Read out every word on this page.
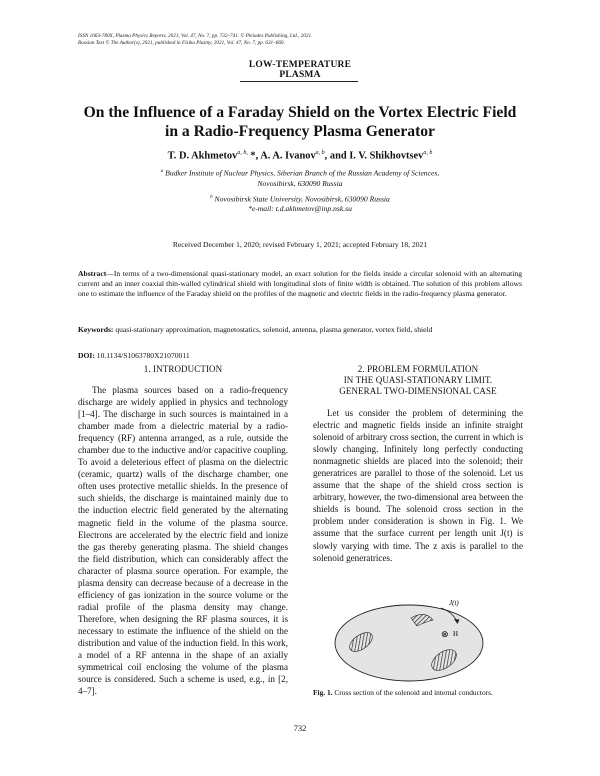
ISSN 1063-780X, Plasma Physics Reports, 2021, Vol. 47, No. 7, pp. 732–741. © Pleiades Publishing, Ltd., 2021.
Russian Text © The Author(s), 2021, published in Fizika Plazmy, 2021, Vol. 47, No. 7, pp. 631–660.
LOW-TEMPERATURE
PLASMA
On the Influence of a Faraday Shield on the Vortex Electric Field
in a Radio-Frequency Plasma Generator
T. D. Akhmetov$^{a, b,}$ *, A. A. Ivanov$^{a, b}$, and I. V. Shikhovtsev$^{a, b}$
$^a$ Budker Institute of Nuclear Physics, Siberian Branch of the Russian Academy of Sciences,
Novosibirsk, 630090 Russia
$^b$ Novosibirsk State University, Novosibirsk, 630090 Russia
*e-mail: t.d.akhmetov@inp.nsk.su
Received December 1, 2020; revised February 1, 2021; accepted February 18, 2021
Abstract—In terms of a two-dimensional quasi-stationary model, an exact solution for the fields inside a circular solenoid with an alternating current and an inner coaxial thin-walled cylindrical shield with longitudinal slots of finite width is obtained. The solution of this problem allows one to estimate the influence of the Faraday shield on the profiles of the magnetic and electric fields in the radio-frequency plasma generator.
Keywords: quasi-stationary approximation, magnetostatics, solenoid, antenna, plasma generator, vortex field, shield
DOI: 10.1134/S1063780X21070011
1. INTRODUCTION

The plasma sources based on a radio-frequency discharge are widely applied in physics and technology [1–4]. The discharge in such sources is maintained in a chamber made from a dielectric material by a radio-frequency (RF) antenna arranged, as a rule, outside the chamber due to the inductive and/or capacitive coupling. To avoid a deleterious effect of plasma on the dielectric (ceramic, quartz) walls of the discharge chamber, one often uses protective metallic shields. In the presence of such shields, the discharge is maintained mainly due to the induction electric field generated by the alternating magnetic field in the volume of the plasma source. Electrons are accelerated by the electric field and ionize the gas thereby generating plasma. The shield changes the field distribution, which can considerably affect the character of plasma source operation. For example, the plasma density can decrease because of a decrease in the efficiency of gas ionization in the source volume or the radial profile of the plasma density may change. Therefore, when designing the RF plasma sources, it is necessary to estimate the influence of the shield on the distribution and value of the induction field. In this work, a model of a RF antenna in the shape of an axially symmetrical coil enclosing the volume of the plasma source is considered. Such a scheme is used, e.g., in [2, 4–7].

2. PROBLEM FORMULATION
IN THE QUASI-STATIONARY LIMIT.
GENERAL TWO-DIMENSIONAL CASE

Let us consider the problem of determining the electric and magnetic fields inside an infinite straight solenoid of arbitrary cross section, the current in which is slowly changing. Infinitely long perfectly conducting nonmagnetic shields are placed into the solenoid; their generatrices are parallel to those of the solenoid. Let us assume that the shape of the shield cross section is arbitrary, however, the two-dimensional area between the shields is bound. The solenoid cross section in the problem under consideration is shown in Fig. 1. We assume that the surface current per length unit J(t) is slowly varying with time. The z axis is parallel to the solenoid generatrices.

J(t)
⊗ H
Fig. 1. Cross section of the solenoid and internal conductors.
732
